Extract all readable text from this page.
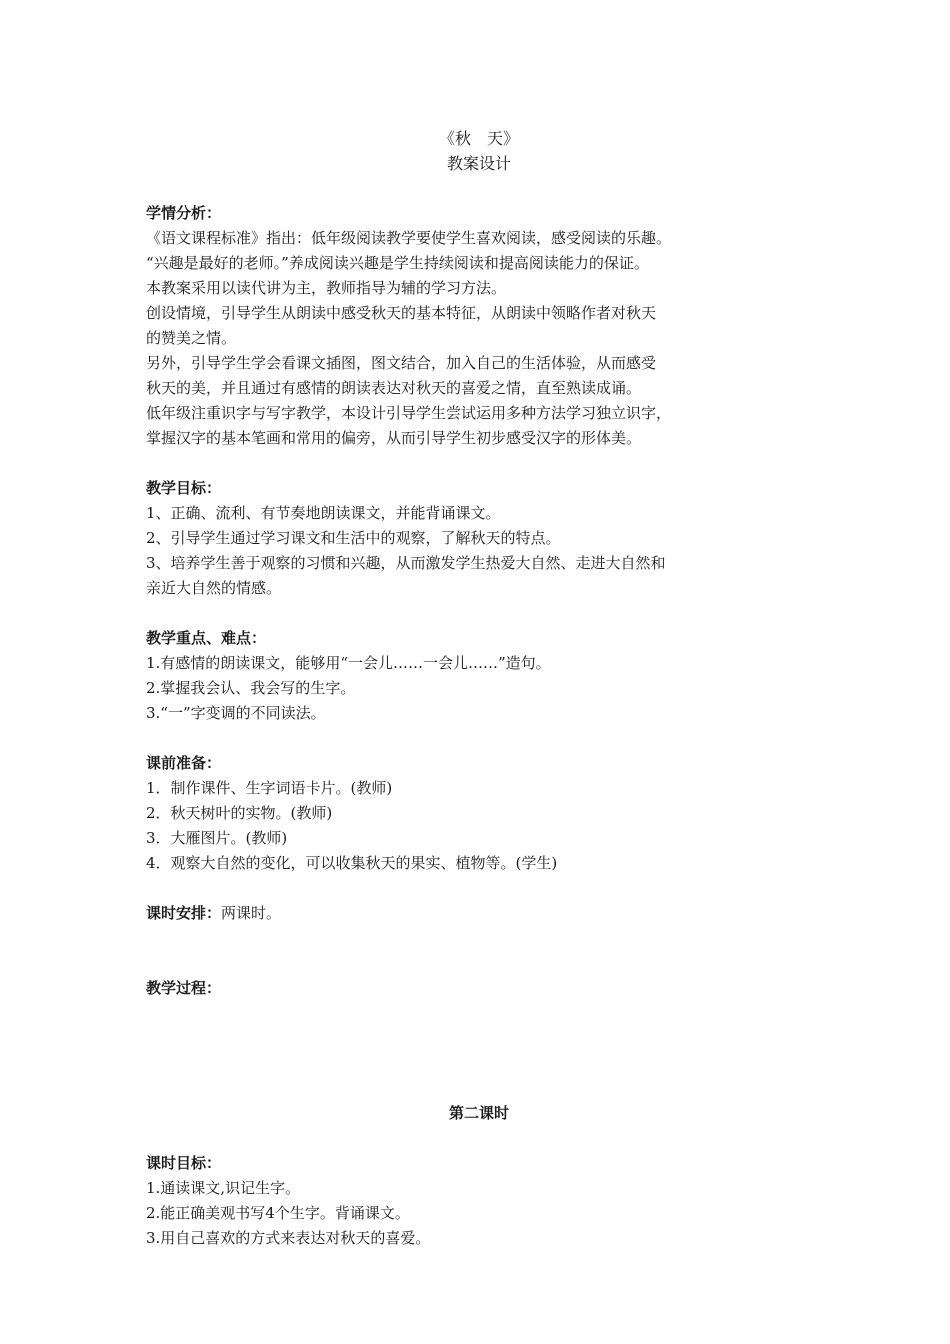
《秋　天》
教案设计
学情分析：
《语文课程标准》指出：低年级阅读教学要使学生喜欢阅读，感受阅读的乐趣。
“兴趣是最好的老师。”养成阅读兴趣是学生持续阅读和提高阅读能力的保证。
本教案采用以读代讲为主，教师指导为辅的学习方法。
创设情境，引导学生从朗读中感受秋天的基本特征，从朗读中领略作者对秋天
的赞美之情。
另外，引导学生学会看课文插图，图文结合，加入自己的生活体验，从而感受
秋天的美，并且通过有感情的朗读表达对秋天的喜爱之情，直至熟读成诵。
低年级注重识字与写字教学，本设计引导学生尝试运用多种方法学习独立识字，
掌握汉字的基本笔画和常用的偏旁，从而引导学生初步感受汉字的形体美。
教学目标：
1、正确、流利、有节奏地朗读课文，并能背诵课文。
2、引导学生通过学习课文和生活中的观察，了解秋天的特点。
3、培养学生善于观察的习惯和兴趣，从而激发学生热爱大自然、走进大自然和
亲近大自然的情感。
教学重点、难点：
1.有感情的朗读课文，能够用“一会儿……一会儿……”造句。
2.掌握我会认、我会写的生字。
3.“一”字变调的不同读法。
课前准备：
1．制作课件、生字词语卡片。(教师)
2．秋天树叶的实物。(教师)
3．大雁图片。(教师)
4．观察大自然的变化，可以收集秋天的果实、植物等。(学生)
课时安排：两课时。
教学过程：
第二课时
课时目标：
1.通读课文,识记生字。
2.能正确美观书写4个生字。背诵课文。
3.用自己喜欢的方式来表达对秋天的喜爱。
